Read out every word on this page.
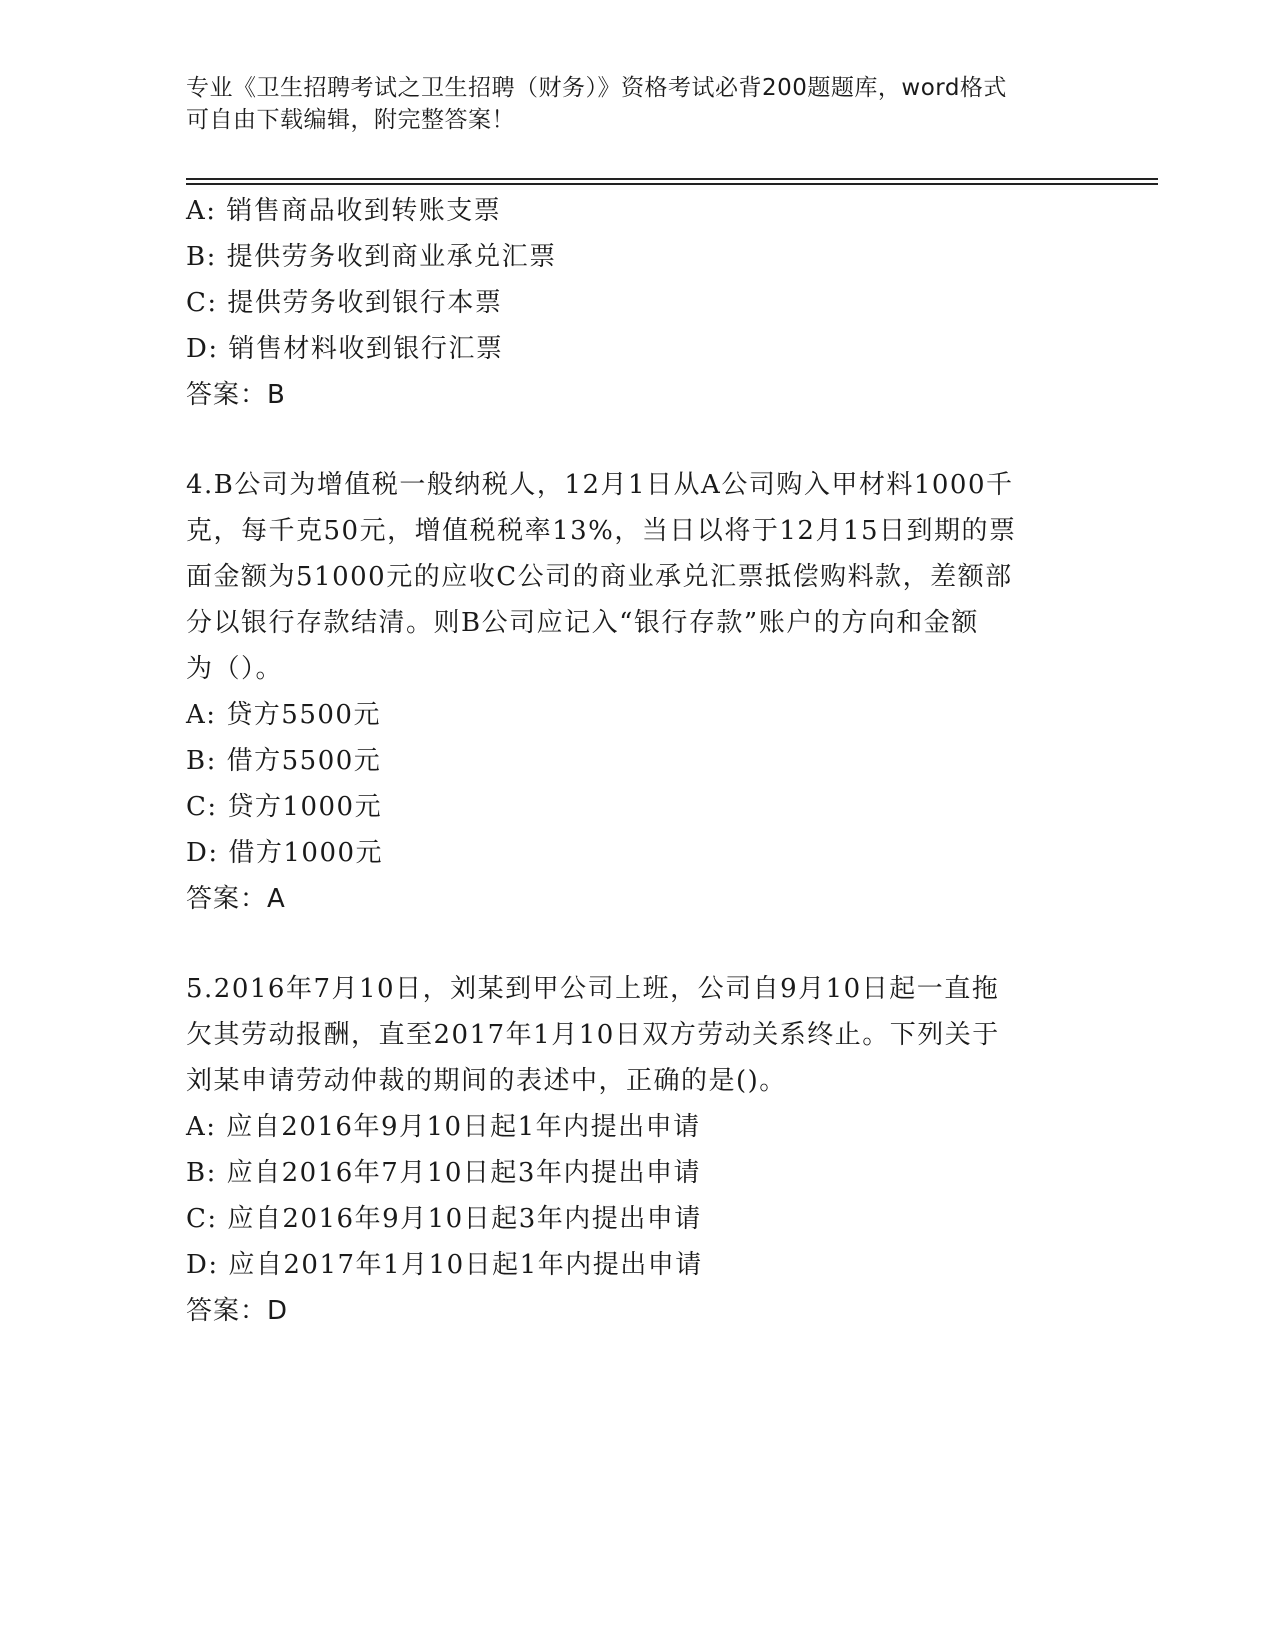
专业《卫生招聘考试之卫生招聘（财务）》资格考试必背200题题库，word格式
可自由下载编辑，附完整答案！
A: 销售商品收到转账支票
B: 提供劳务收到商业承兑汇票
C: 提供劳务收到银行本票
D: 销售材料收到银行汇票
答案：B
4.B公司为增值税一般纳税人，12月1日从A公司购入甲材料1000千
克，每千克50元，增值税税率13%，当日以将于12月15日到期的票
面金额为51000元的应收C公司的商业承兑汇票抵偿购料款，差额部
分以银行存款结清。则B公司应记入“银行存款”账户的方向和金额
为（）。
A: 贷方5500元
B: 借方5500元
C: 贷方1000元
D: 借方1000元
答案：A
5.2016年7月10日，刘某到甲公司上班，公司自9月10日起一直拖
欠其劳动报酬，直至2017年1月10日双方劳动关系终止。下列关于
刘某申请劳动仲裁的期间的表述中，正确的是()。
A: 应自2016年9月10日起1年内提出申请
B: 应自2016年7月10日起3年内提出申请
C: 应自2016年9月10日起3年内提出申请
D: 应自2017年1月10日起1年内提出申请
答案：D
